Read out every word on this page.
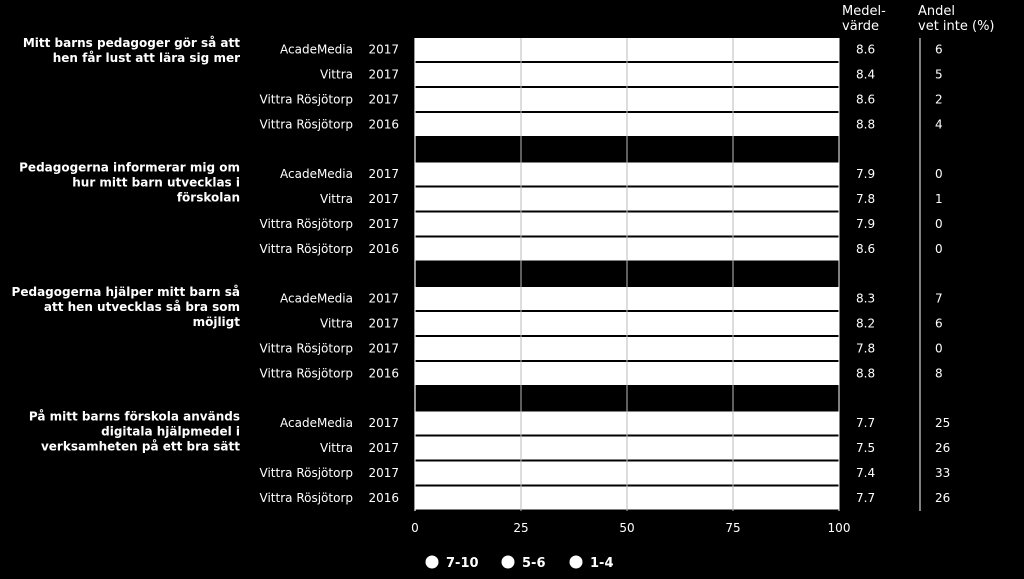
Mitt barns pedagoger gör så att
hen får lust att lära sig mer
AcadeMedia 2017	8.6	6
Vittra 2017	8.4	5
Vittra Rösjötorp 2017	8.6	2
Vittra Rösjötorp 2016	8.8	4
Pedagogerna informerar mig om
hur mitt barn utvecklas i
förskolan
AcadeMedia 2017	7.9	0
Vittra 2017	7.8	1
Vittra Rösjötorp 2017	7.9	0
Vittra Rösjötorp 2016	8.6	0
Pedagogerna hjälper mitt barn så
att hen utvecklas så bra som
möjligt
AcadeMedia 2017	8.3	7
Vittra 2017	8.2	6
Vittra Rösjötorp 2017	7.8	0
Vittra Rösjötorp 2016	8.8	8
På mitt barns förskola används
digitala hjälpmedel i
verksamheten på ett bra sätt
AcadeMedia 2017	7.7	25
Vittra 2017	7.5	26
Vittra Rösjötorp 2017	7.4	33
Vittra Rösjötorp 2016	7.7	26
0	25	50	75	100
7-10	5-6	1-4
Medel-
värde
Andel
vet inte (%)
